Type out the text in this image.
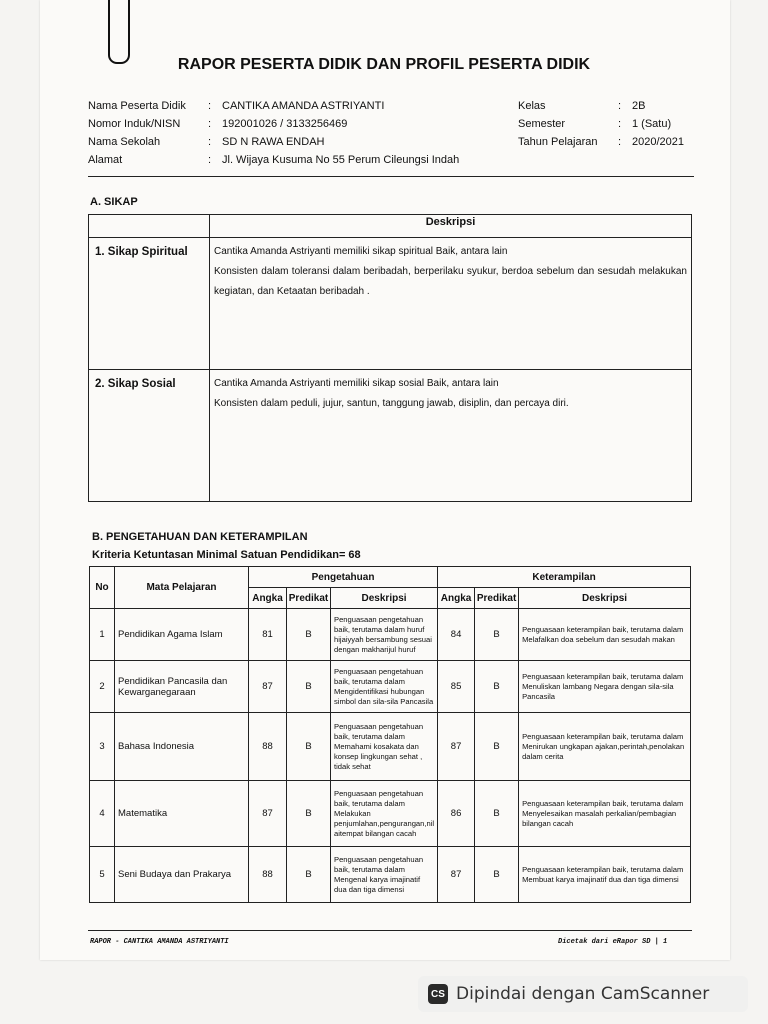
RAPOR PESERTA DIDIK DAN PROFIL PESERTA DIDIK
Nama Peserta Didik	: CANTIKA AMANDA ASTRIYANTI
Nomor Induk/NISN	: 192001026 / 3133256469
Nama Sekolah	: SD N RAWA ENDAH
Alamat	: Jl. Wijaya Kusuma No 55 Perum Cileungsi Indah
Kelas	: 2B
Semester	: 1 (Satu)
Tahun Pelajaran	: 2020/2021
A. SIKAP
	Deskripsi
1. Sikap Spiritual	Cantika Amanda Astriyanti memiliki sikap spiritual Baik, antara lain
Konsisten dalam toleransi dalam beribadah, berperilaku syukur, berdoa sebelum dan sesudah melakukan kegiatan, dan Ketaatan beribadah .

2. Sikap Sosial	Cantika Amanda Astriyanti memiliki sikap sosial Baik, antara lain
Konsisten dalam peduli, jujur, santun, tanggung jawab, disiplin, dan percaya diri.
B. PENGETAHUAN DAN KETERAMPILAN
Kriteria Ketuntasan Minimal Satuan Pendidikan= 68
No	Mata Pelajaran	Pengetahuan			Keterampilan		
		Angka	Predikat	Deskripsi	Angka	Predikat	Deskripsi
1	Pendidikan Agama Islam	81	B	Penguasaan pengetahuan baik, terutama dalam huruf hijaiyyah bersambung sesuai dengan makharijul huruf	84	B	Penguasaan keterampilan baik, terutama dalam Melafalkan doa sebelum dan sesudah makan
2	Pendidikan Pancasila dan Kewarganegaraan	87	B	Penguasaan pengetahuan baik, terutama dalam Mengidentifikasi hubungan simbol dan sila-sila Pancasila	85	B	Penguasaan keterampilan baik, terutama dalam Menuliskan lambang Negara dengan sila-sila Pancasila
3	Bahasa Indonesia	88	B	Penguasaan pengetahuan baik, terutama dalam Memahami kosakata dan konsep lingkungan sehat , tidak sehat	87	B	Penguasaan keterampilan baik, terutama dalam Menirukan ungkapan ajakan,perintah,penolakan dalam cerita
4	Matematika	87	B	Penguasaan pengetahuan baik, terutama dalam Melakukan penjumlahan,pengurangan,nil aitempat bilangan cacah	86	B	Penguasaan keterampilan baik, terutama dalam Menyelesaikan masalah perkalian/pembagian bilangan cacah
5	Seni Budaya dan Prakarya	88	B	Penguasaan pengetahuan baik, terutama dalam Mengenal karya imajinatif dua dan tiga dimensi	87	B	Penguasaan keterampilan baik, terutama dalam Membuat karya imajinatif dua dan tiga dimensi
RAPOR - CANTIKA AMANDA ASTRIYANTI	Dicetak dari eRapor SD | 1
CS Dipindai dengan CamScanner
